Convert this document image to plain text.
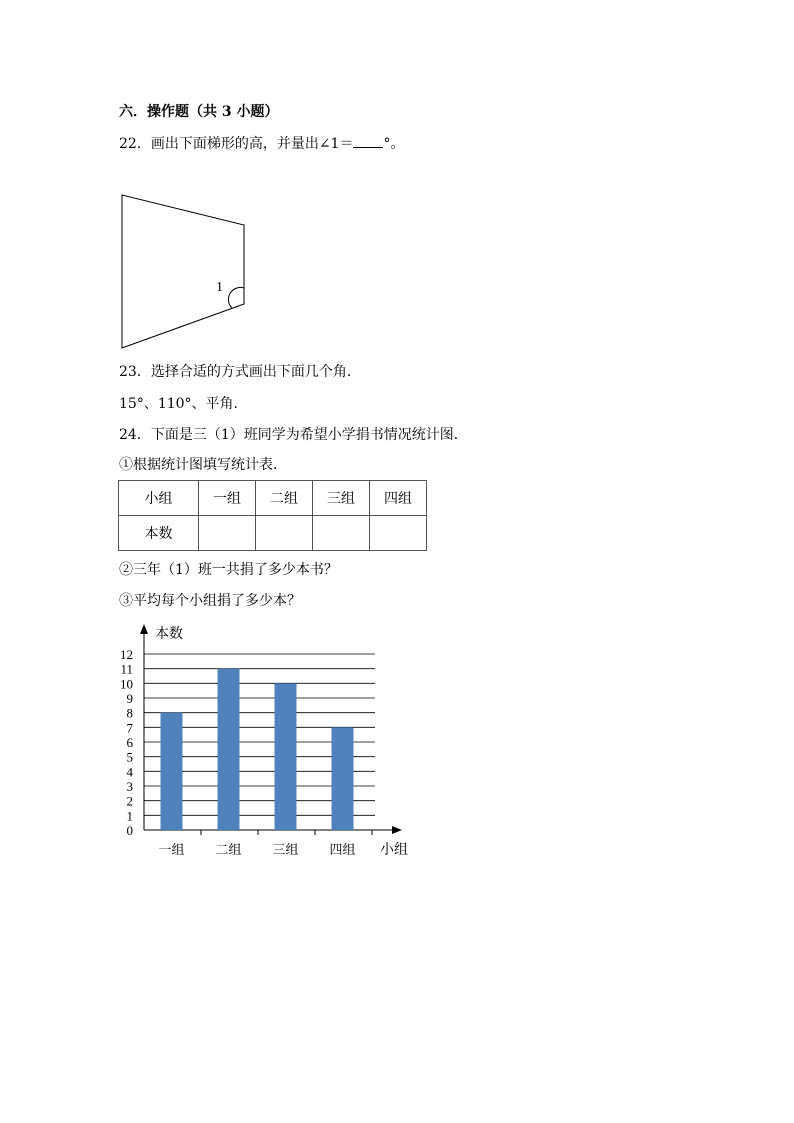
六．操作题（共 3 小题）
22．画出下面梯形的高，并量出∠1＝ °。
1
23．选择合适的方式画出下面几个角．
15°、110°、平角．
24．下面是三（1）班同学为希望小学捐书情况统计图．
①根据统计图填写统计表．
小组	一组	二组	三组	四组
本数				
②三年（1）班一共捐了多少本书？
③平均每个小组捐了多少本？
0
1
2
3
4
5
6
7
8
9
10
11
12
一组 二组 三组 四组
本数
小组
